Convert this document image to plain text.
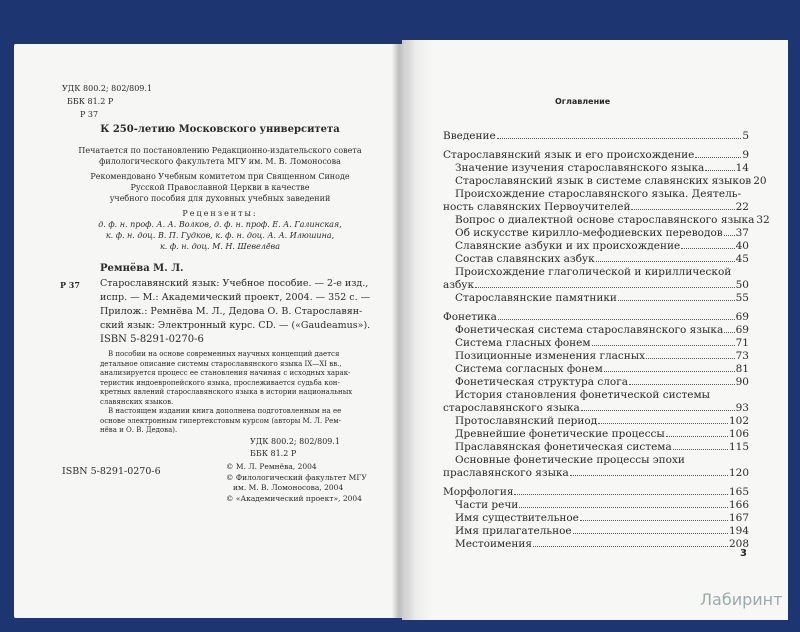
УДК 800.2; 802/809.1
ББК 81.2 Р
Р 37
К 250-летию Московского университета
Печатается по постановлению Редакционно-издательского совета
филологического факультета МГУ им. М. В. Ломоносова
Рекомендовано Учебным комитетом при Священном Синоде
Русской Православной Церкви в качестве
учебного пособия для духовных учебных заведений
Рецензенты:
д. ф. н. проф. А. А. Волков, д. ф. н. проф. Е. А. Галинская,
к. ф. н. доц. В. П. Гудков, к. ф. н. доц. А. А. Илюшина,
к. ф. н. доц. М. Н. Шевелёва
Ремнёва М. Л.
Р 37 Старославянский язык: Учебное пособие. — 2-е изд.,
испр. — М.: Академический проект, 2004. — 352 с. —
Прилож.: Ремнёва М. Л., Дедова О. В. Старославян-
ский язык: Электронный курс. CD. — («Gaudeamus»).
ISBN 5-8291-0270-6
В пособии на основе современных научных концепций дается
детальное описание системы старославянского языка IX—XI вв.,
анализируется процесс ее становления начиная с исходных харак-
теристик индоевропейского языка, прослеживается судьба кон-
кретных явлений старославянского языка в истории национальных
славянских языков.
В настоящем издании книга дополнена подготовленным на ее
основе электронным гипертекстовым курсом (авторы М. Л. Рем-
нёва и О. В. Дедова).
УДК 800.2; 802/809.1
ББК 81.2 Р
ISBN 5-8291-0270-6	© М. Л. Ремнёва, 2004
© Филологический факультет МГУ
им. М. В. Ломоносова, 2004
© «Академический проект», 2004
Оглавление
Введение	5
Старославянский язык и его происхождение	9
Значение изучения старославянского языка	14
Старославянский язык в системе славянских языков 20
Происхождение старославянского языка. Деятель-
ность славянских Первоучителей	22
Вопрос о диалектной основе старославянского языка 32
Об искусстве кирилло-мефодиевских переводов 37
Славянские азбуки и их происхождение	40
Состав славянских азбук	45
Происхождение глаголической и кириллической
азбук	50
Старославянские памятники	55
Фонетика	69
Фонетическая система старославянского языка 69
Система гласных фонем	71
Позиционные изменения гласных	73
Система согласных фонем	81
Фонетическая структура слога	90
История становления фонетической системы
старославянского языка	93
Протославянский период	102
Древнейшие фонетические процессы	106
Праславянская фонетическая система	115
Основные фонетические процессы эпохи
праславянского языка	120
Морфология	165
Части речи	166
Имя существительное	167
Имя прилагательное	194
Местоимения	208
3
Лабиринт
